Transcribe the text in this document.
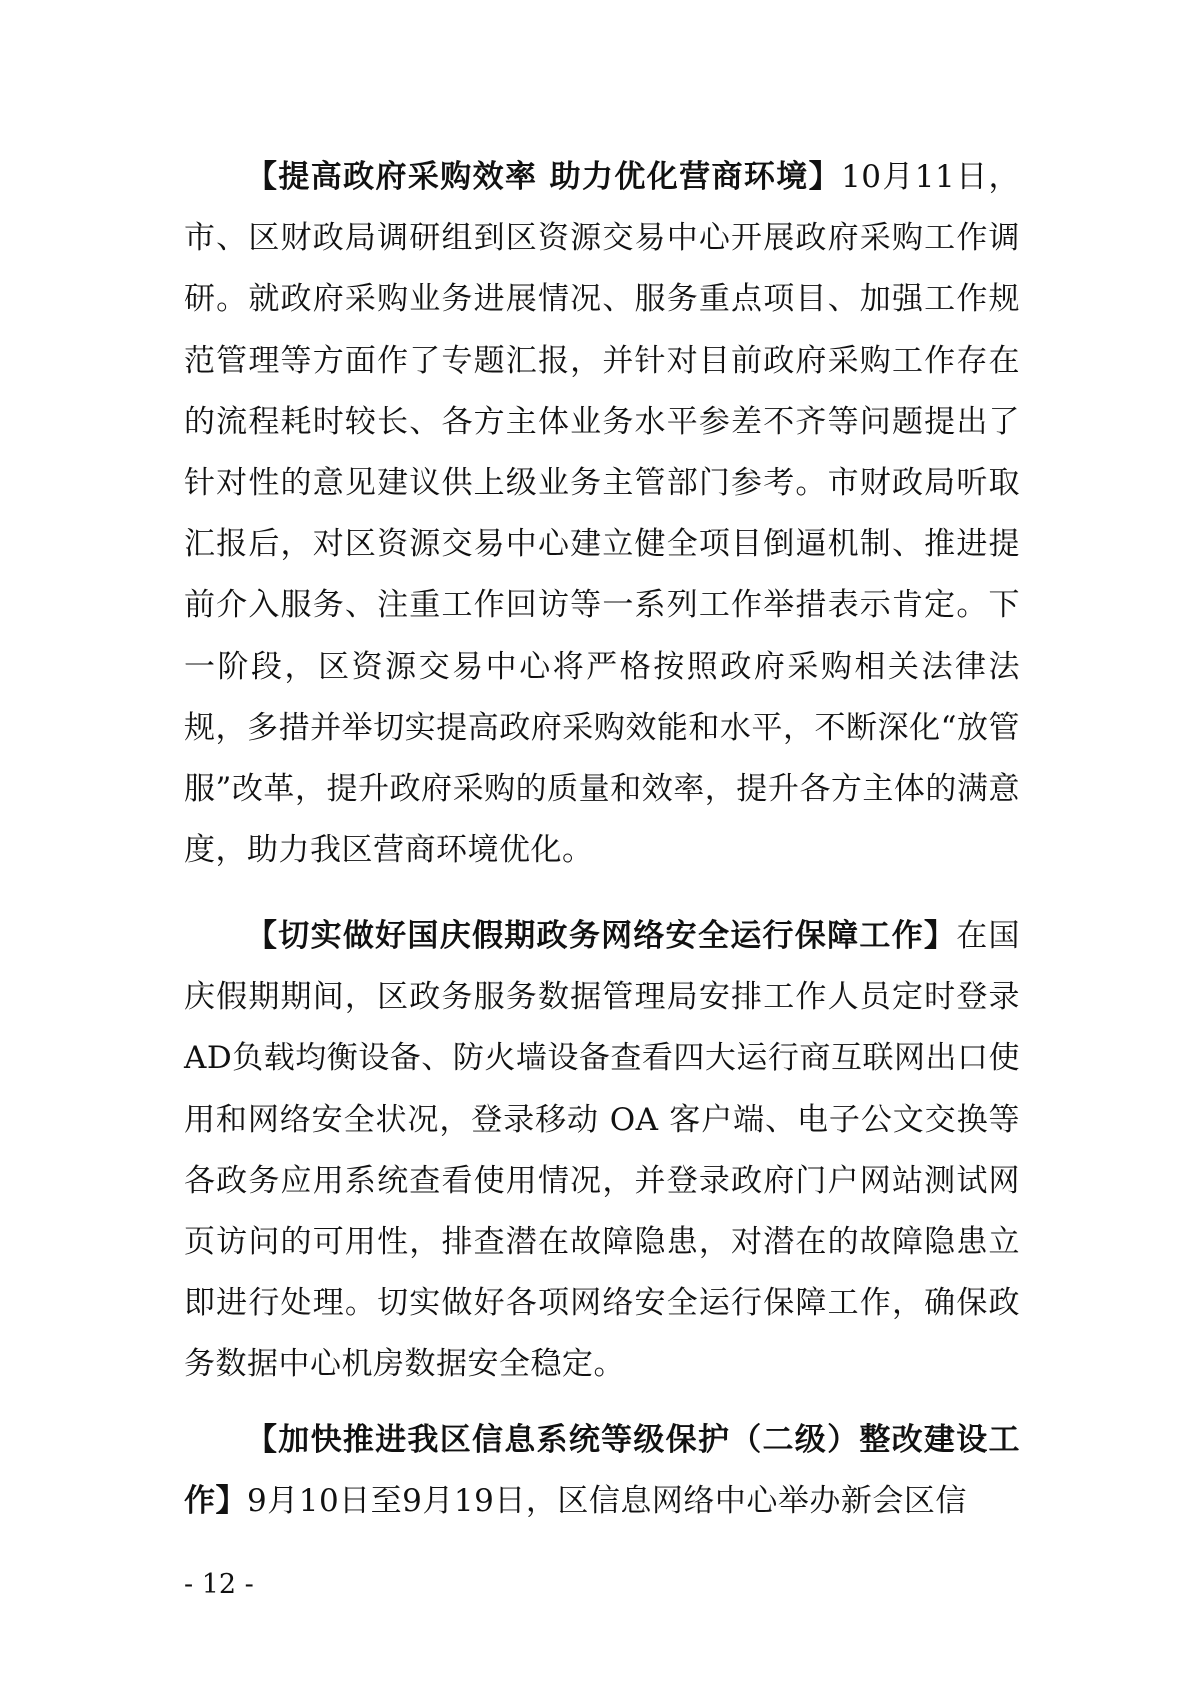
【提高政府采购效率 助力优化营商环境】10月11日，市、区财政局调研组到区资源交易中心开展政府采购工作调研。就政府采购业务进展情况、服务重点项目、加强工作规范管理等方面作了专题汇报，并针对目前政府采购工作存在的流程耗时较长、各方主体业务水平参差不齐等问题提出了针对性的意见建议供上级业务主管部门参考。市财政局听取汇报后，对区资源交易中心建立健全项目倒逼机制、推进提前介入服务、注重工作回访等一系列工作举措表示肯定。下一阶段，区资源交易中心将严格按照政府采购相关法律法规，多措并举切实提高政府采购效能和水平，不断深化“放管服”改革，提升政府采购的质量和效率，提升各方主体的满意度，助力我区营商环境优化。

【切实做好国庆假期政务网络安全运行保障工作】在国庆假期期间，区政务服务数据管理局安排工作人员定时登录AD负载均衡设备、防火墙设备查看四大运行商互联网出口使用和网络安全状况，登录移动 OA 客户端、电子公文交换等各政务应用系统查看使用情况，并登录政府门户网站测试网页访问的可用性，排查潜在故障隐患，对潜在的故障隐患立即进行处理。切实做好各项网络安全运行保障工作，确保政务数据中心机房数据安全稳定。

【加快推进我区信息系统等级保护（二级）整改建设工作】9月10日至9月19日，区信息网络中心举办新会区信

- 12 -
